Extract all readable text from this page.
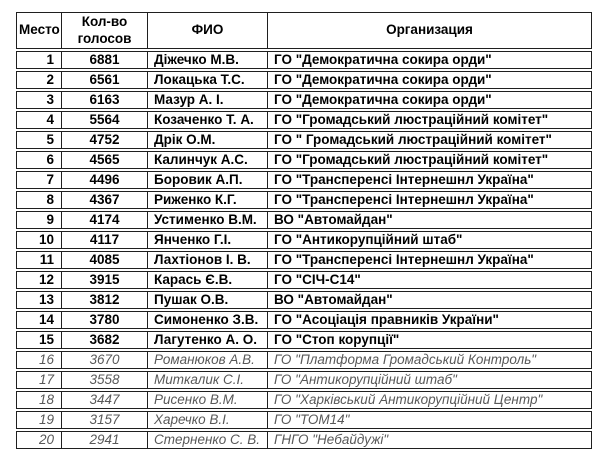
Место	Кол-во голосов	ФИО	Организация
1	6881	Діжечко М.В.	ГО "Демократична сокира орди"
2	6561	Локацька Т.С.	ГО "Демократична сокира орди"
3	6163	Мазур А. І.	ГО "Демократична сокира орди"
4	5564	Козаченко Т. А.	ГО "Громадський люстраційний комітет"
5	4752	Дрік О.М.	ГО " Громадський люстраційний комітет"
6	4565	Калинчук А.С.	ГО "Громадський люстраційний комітет"
7	4496	Боровик А.П.	ГО "Трансперенсі Інтернешнл Україна"
8	4367	Риженко К.Г.	ГО "Трансперенсі Інтернешнл Україна"
9	4174	Устименко В.М.	ВО "Автомайдан"
10	4117	Янченко Г.І.	ГО "Антикорупційний штаб"
11	4085	Лахтіонов І. В.	ГО "Трансперенсі Інтернешнл Україна"
12	3915	Карась Є.В.	ГО "СІЧ-С14"
13	3812	Пушак О.В.	ВО "Автомайдан"
14	3780	Симоненко З.В.	ГО "Асоціація правників України"
15	3682	Лагутенко А. О.	ГО "Стоп корупції"
16	3670	Романюков А.В.	ГО "Платформа Громадський Контроль"
17	3558	Миткалик С.І.	ГО "Антикорупційний штаб"
18	3447	Рисенко В.М.	ГО "Харківський Антикорупційний Центр"
19	3157	Харечко В.І.	ГО "ТОМ14"
20	2941	Стерненко С. В.	ГНГО "Небайдужі"
